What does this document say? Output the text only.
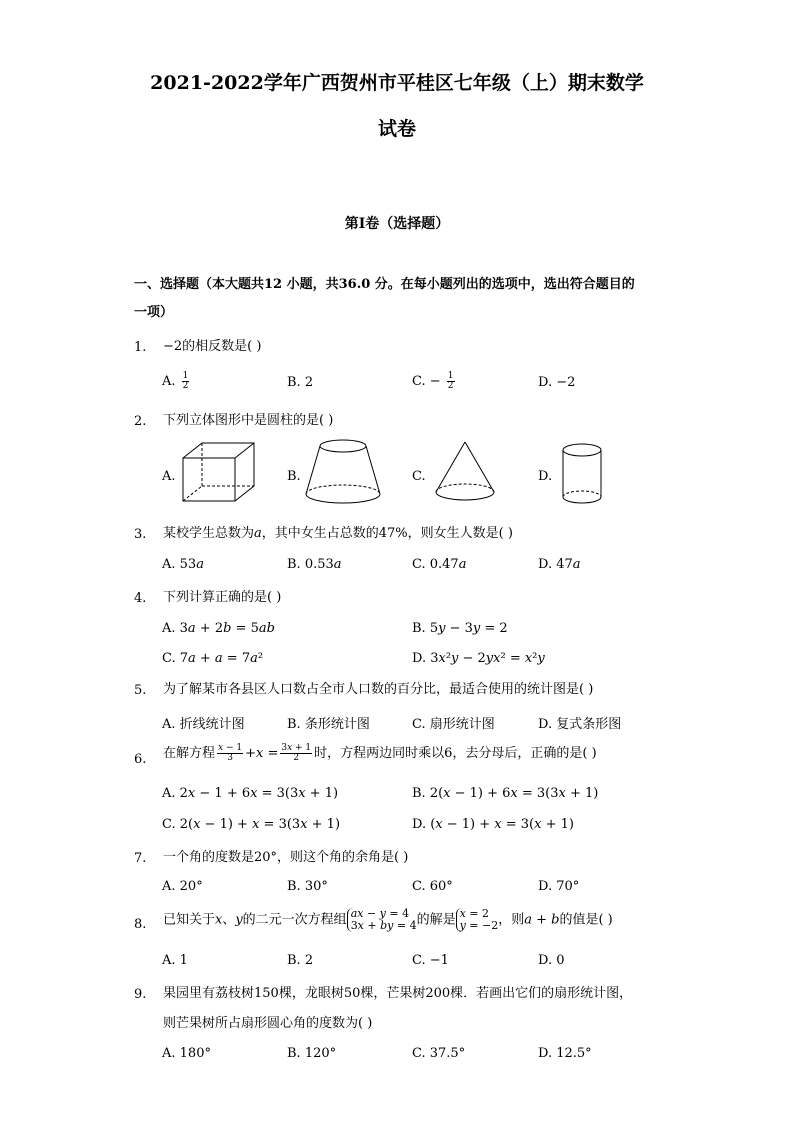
2021-2022学年广西贺州市平桂区七年级（上）期末数学
试卷
第Ⅰ卷（选择题）
一、选择题（本大题共12 小题，共36.0 分。在每小题列出的选项中，选出符合题目的
一项）
1. −2的相反数是( )
A. $\frac{1}{2}$	B. 2	C. − $\frac{1}{2}$	D. −2
2. 下列立体图形中是圆柱的是( )
A.	B.	C.	D.
3. 某校学生总数为𝑎，其中女生占总数的47%，则女生人数是( )
A. 53𝑎	B. 0.53𝑎	C. 0.47𝑎	D. 47𝑎
4. 下列计算正确的是( )
A. 3𝑎 + 2𝑏 = 5𝑎𝑏	B. 5𝑦 − 3𝑦 = 2
C. 7𝑎 + 𝑎 = 7𝑎²	D. 3𝑥²𝑦 − 2𝑦𝑥² = 𝑥²𝑦
5. 为了解某市各县区人口数占全市人口数的百分比，最适合使用的统计图是( )
A. 折线统计图	B. 条形统计图	C. 扇形统计图	D. 复式条形图
6. 在解方程 $\frac{\text{𝑥 − 1}}{3}$ +𝑥 = $\frac{\text{3𝑥 + 1}}{2}$ 时，方程两边同时乘以6，去分母后，正确的是( )
A. 2𝑥 − 1 + 6𝑥 = 3(3𝑥 + 1)	B. 2(𝑥 − 1) + 6𝑥 = 3(3𝑥 + 1)
C. 2(𝑥 − 1) + 𝑥 = 3(3𝑥 + 1)	D. (𝑥 − 1) + 𝑥 = 3(𝑥 + 1)
7. 一个角的度数是20°，则这个角的余角是( )
A. 20°	B. 30°	C. 60°	D. 70°
8. 已知关于𝑥、𝑦的二元一次方程组 𝑎𝑥 − 𝑦 = 4
3𝑥 + 𝑏𝑦 = 4 的解是 𝑥 = 2
𝑦 = −2 ，则𝑎 + 𝑏的值是( )
A. 1	B. 2	C. −1	D. 0
9. 果园里有荔枝树150棵，龙眼树50棵，芒果树200棵．若画出它们的扇形统计图，
则芒果树所占扇形圆心角的度数为( )
A. 180°	B. 120°	C. 37.5°	D. 12.5°
